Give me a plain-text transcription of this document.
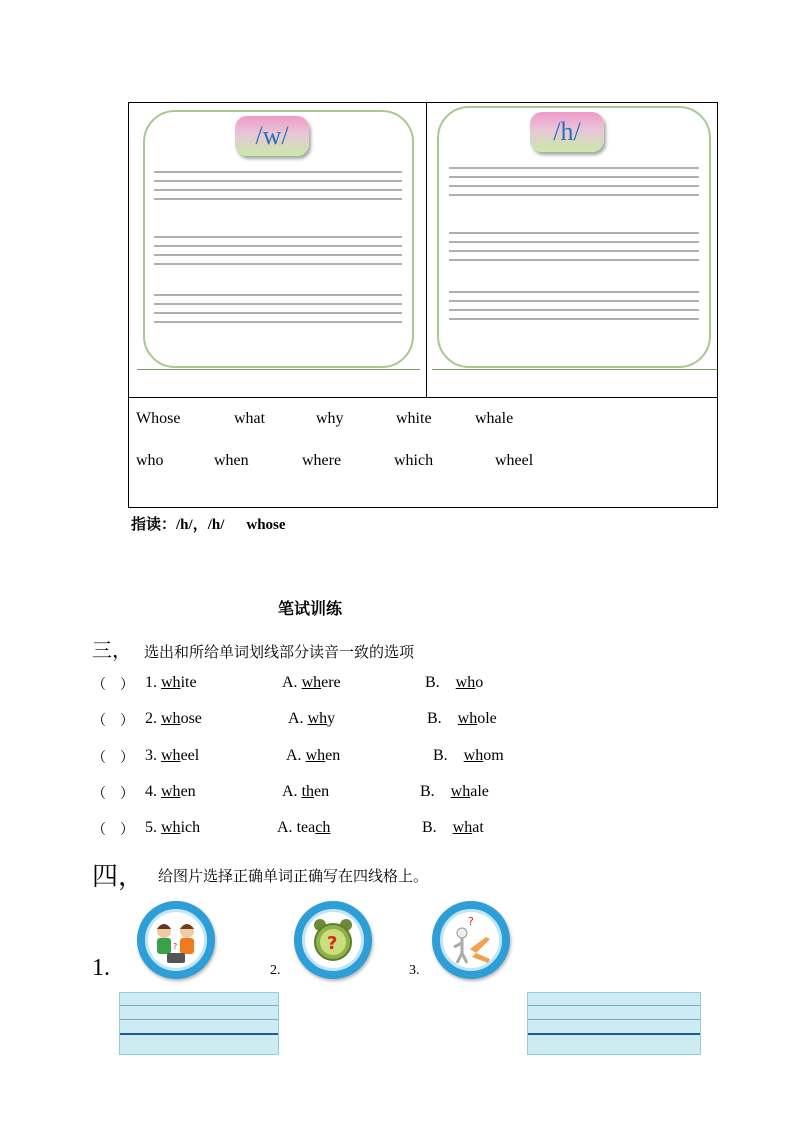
/w/	/h/
Whose	what	why	white	whale
who	when	where	which	wheel
指读：/h/，/h/ whose
笔试训练
三， 选出和所给单词划线部分读音一致的选项
（　） 1. white	A. where	B. who
（　） 2. whose	A. why	B. whole
（　） 3. wheel	A. when	B. whom
（　） 4. when	A. then	B. whale
（　） 5. which	A. teach	B. what
四， 给图片选择正确单词正确写在四线格上。
1.	2.	3.
?	?
?
